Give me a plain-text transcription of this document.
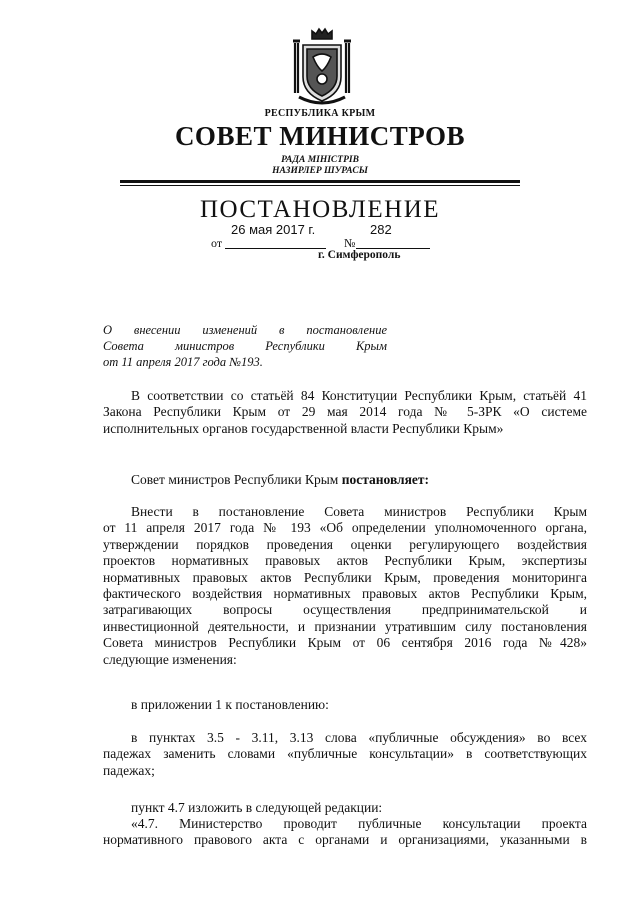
РЕСПУБЛИКА КРЫМ
СОВЕТ МИНИСТРОВ
РАДА МІНІСТРІВ
НАЗИРЛЕР ШУРАСЫ
ПОСТАНОВЛЕНИЕ
от
26 мая 2017 г.
№
282
г. Симферополь
О внесении изменений в постановление
Совета министров Республики Крым
от 11 апреля 2017 года №193.
В соответствии со статьёй 84 Конституции Республики Крым, статьёй 41
Закона Республики Крым от 29 мая 2014 года № 5-ЗРК «О системе
исполнительных органов государственной власти Республики Крым»
Совет министров Республики Крым постановляет:
Внести в постановление Совета министров Республики Крым
от 11 апреля 2017 года № 193 «Об определении уполномоченного органа,
утверждении порядков проведения оценки регулирующего воздействия
проектов нормативных правовых актов Республики Крым, экспертизы
нормативных правовых актов Республики Крым, проведения мониторинга
фактического воздействия нормативных правовых актов Республики Крым,
затрагивающих вопросы осуществления предпринимательской и
инвестиционной деятельности, и признании утратившим силу постановления
Совета министров Республики Крым от 06 сентября 2016 года №428»
следующие изменения:
в приложении 1 к постановлению:
в пунктах 3.5 - 3.11, 3.13 слова «публичные обсуждения» во всех
падежах заменить словами «публичные консультации» в соответствующих
падежах;
пункт 4.7 изложить в следующей редакции:
«4.7. Министерство проводит публичные консультации проекта
нормативного правового акта с органами и организациями, указанными в
